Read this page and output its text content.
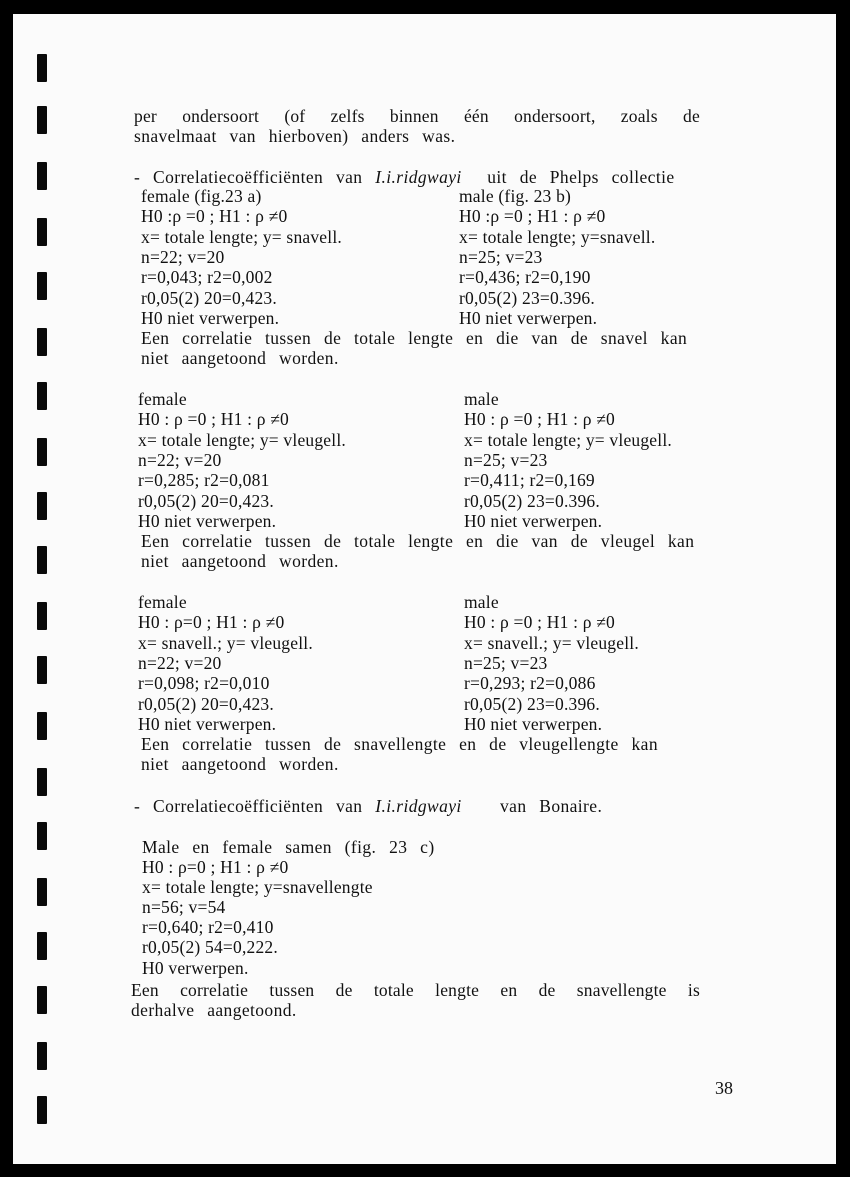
per ondersoort (of zelfs binnen één ondersoort, zoals de
snavelmaat van hierboven) anders was.
- Correlatiecoëfficiënten van I.i.ridgwayi uit de Phelps collectie
female (fig.23 a)	male (fig. 23 b)
H0 :ρ =0 ; H1 : ρ ≠0	H0 :ρ =0 ; H1 : ρ ≠0
x= totale lengte; y= snavell.	x= totale lengte; y=snavell.
n=22; v=20	n=25; v=23
r=0,043; r2=0,002	r=0,436; r2=0,190
r0,05(2) 20=0,423.	r0,05(2) 23=0.396.
H0 niet verwerpen.	H0 niet verwerpen.
Een correlatie tussen de totale lengte en die van de snavel kan
niet aangetoond worden.
female	male
H0 : ρ =0 ; H1 : ρ ≠0	H0 : ρ =0 ; H1 : ρ ≠0
x= totale lengte; y= vleugell.	x= totale lengte; y= vleugell.
n=22; v=20	n=25; v=23
r=0,285; r2=0,081	r=0,411; r2=0,169
r0,05(2) 20=0,423.	r0,05(2) 23=0.396.
H0 niet verwerpen.	H0 niet verwerpen.
Een correlatie tussen de totale lengte en die van de vleugel kan
niet aangetoond worden.
female	male
H0 : ρ=0 ; H1 : ρ ≠0	H0 : ρ =0 ; H1 : ρ ≠0
x= snavell.; y= vleugell.	x= snavell.; y= vleugell.
n=22; v=20	n=25; v=23
r=0,098; r2=0,010	r=0,293; r2=0,086
r0,05(2) 20=0,423.	r0,05(2) 23=0.396.
H0 niet verwerpen.	H0 niet verwerpen.
Een correlatie tussen de snavellengte en de vleugellengte kan
niet aangetoond worden.
- Correlatiecoëfficiënten van I.i.ridgwayi van Bonaire.
Male en female samen (fig. 23 c)
H0 : ρ=0 ; H1 : ρ ≠0
x= totale lengte; y=snavellengte
n=56; v=54
r=0,640; r2=0,410
r0,05(2) 54=0,222.
H0 verwerpen.
Een correlatie tussen de totale lengte en de snavellengte is
derhalve aangetoond.
38
